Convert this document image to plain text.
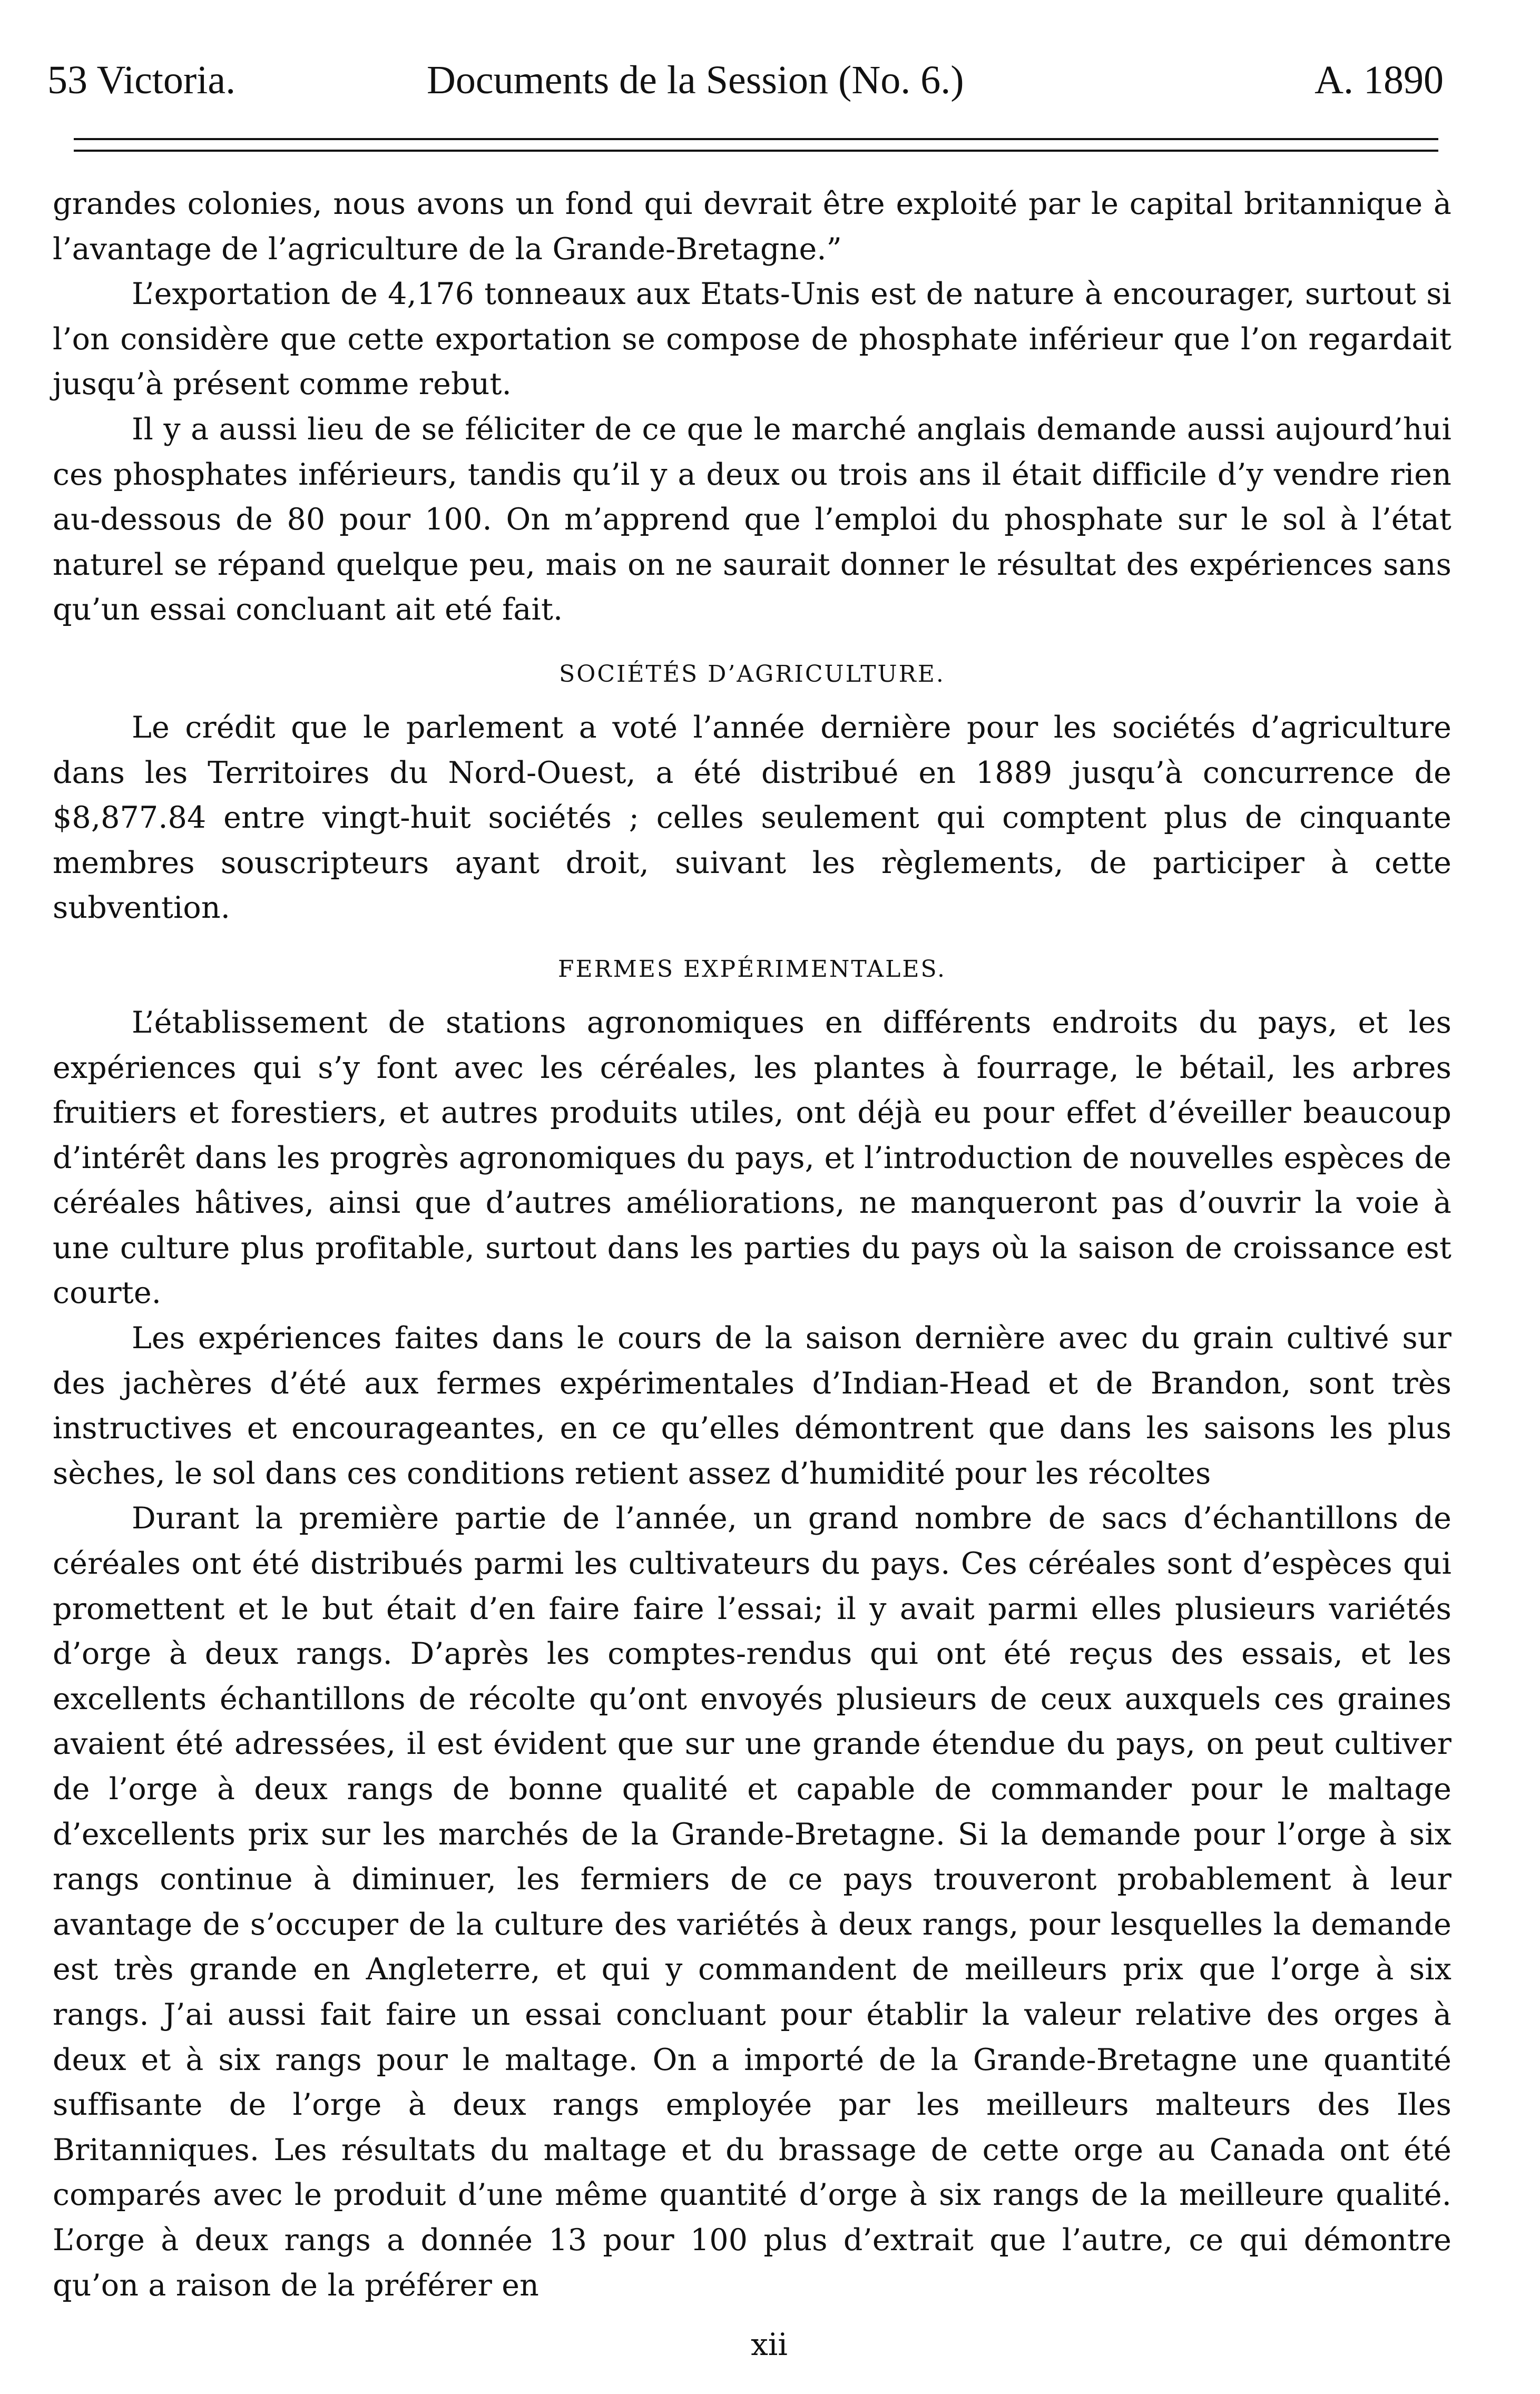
53 Victoria.	Documents de la Session (No. 6.)	A. 1890

grandes colonies, nous avons un fond qui devrait être exploité par le capital britannique à l’avantage de l’agriculture de la Grande-Bretagne.”

L’exportation de 4,176 tonneaux aux Etats-Unis est de nature à encourager, surtout si l’on considère que cette exportation se compose de phosphate inférieur que l’on regardait jusqu’à présent comme rebut.

Il y a aussi lieu de se féliciter de ce que le marché anglais demande aussi aujourd’hui ces phosphates inférieurs, tandis qu’il y a deux ou trois ans il était difficile d’y vendre rien au-dessous de 80 pour 100. On m’apprend que l’emploi du phosphate sur le sol à l’état naturel se répand quelque peu, mais on ne saurait donner le résultat des expériences sans qu’un essai concluant ait eté fait.

SOCIÉTÉS D’AGRICULTURE.

Le crédit que le parlement a voté l’année dernière pour les sociétés d’agriculture dans les Territoires du Nord-Ouest, a été distribué en 1889 jusqu’à concurrence de $8,877.84 entre vingt-huit sociétés ; celles seulement qui comptent plus de cinquante membres souscripteurs ayant droit, suivant les règlements, de participer à cette subvention.

FERMES EXPÉRIMENTALES.

L’établissement de stations agronomiques en différents endroits du pays, et les expériences qui s’y font avec les céréales, les plantes à fourrage, le bétail, les arbres fruitiers et forestiers, et autres produits utiles, ont déjà eu pour effet d’éveiller beaucoup d’intérêt dans les progrès agronomiques du pays, et l’introduction de nouvelles espèces de céréales hâtives, ainsi que d’autres améliorations, ne manqueront pas d’ouvrir la voie à une culture plus profitable, surtout dans les parties du pays où la saison de croissance est courte.

Les expériences faites dans le cours de la saison dernière avec du grain cultivé sur des jachères d’été aux fermes expérimentales d’Indian-Head et de Brandon, sont très instructives et encourageantes, en ce qu’elles démontrent que dans les saisons les plus sèches, le sol dans ces conditions retient assez d’humidité pour les récoltes

Durant la première partie de l’année, un grand nombre de sacs d’échantillons de céréales ont été distribués parmi les cultivateurs du pays. Ces céréales sont d’espèces qui promettent et le but était d’en faire faire l’essai; il y avait parmi elles plusieurs variétés d’orge à deux rangs. D’après les comptes-rendus qui ont été reçus des essais, et les excellents échantillons de récolte qu’ont envoyés plusieurs de ceux auxquels ces graines avaient été adressées, il est évident que sur une grande étendue du pays, on peut cultiver de l’orge à deux rangs de bonne qualité et capable de commander pour le maltage d’excellents prix sur les marchés de la Grande-Bretagne. Si la demande pour l’orge à six rangs continue à diminuer, les fermiers de ce pays trouveront probablement à leur avantage de s’occuper de la culture des variétés à deux rangs, pour lesquelles la demande est très grande en Angleterre, et qui y commandent de meilleurs prix que l’orge à six rangs. J’ai aussi fait faire un essai concluant pour établir la valeur relative des orges à deux et à six rangs pour le maltage. On a importé de la Grande-Bretagne une quantité suffisante de l’orge à deux rangs employée par les meilleurs malteurs des Iles Britanniques. Les résultats du maltage et du brassage de cette orge au Canada ont été comparés avec le produit d’une même quantité d’orge à six rangs de la meilleure qualité. L’orge à deux rangs a donnée 13 pour 100 plus d’extrait que l’autre, ce qui démontre qu’on a raison de la préférer en

xii
